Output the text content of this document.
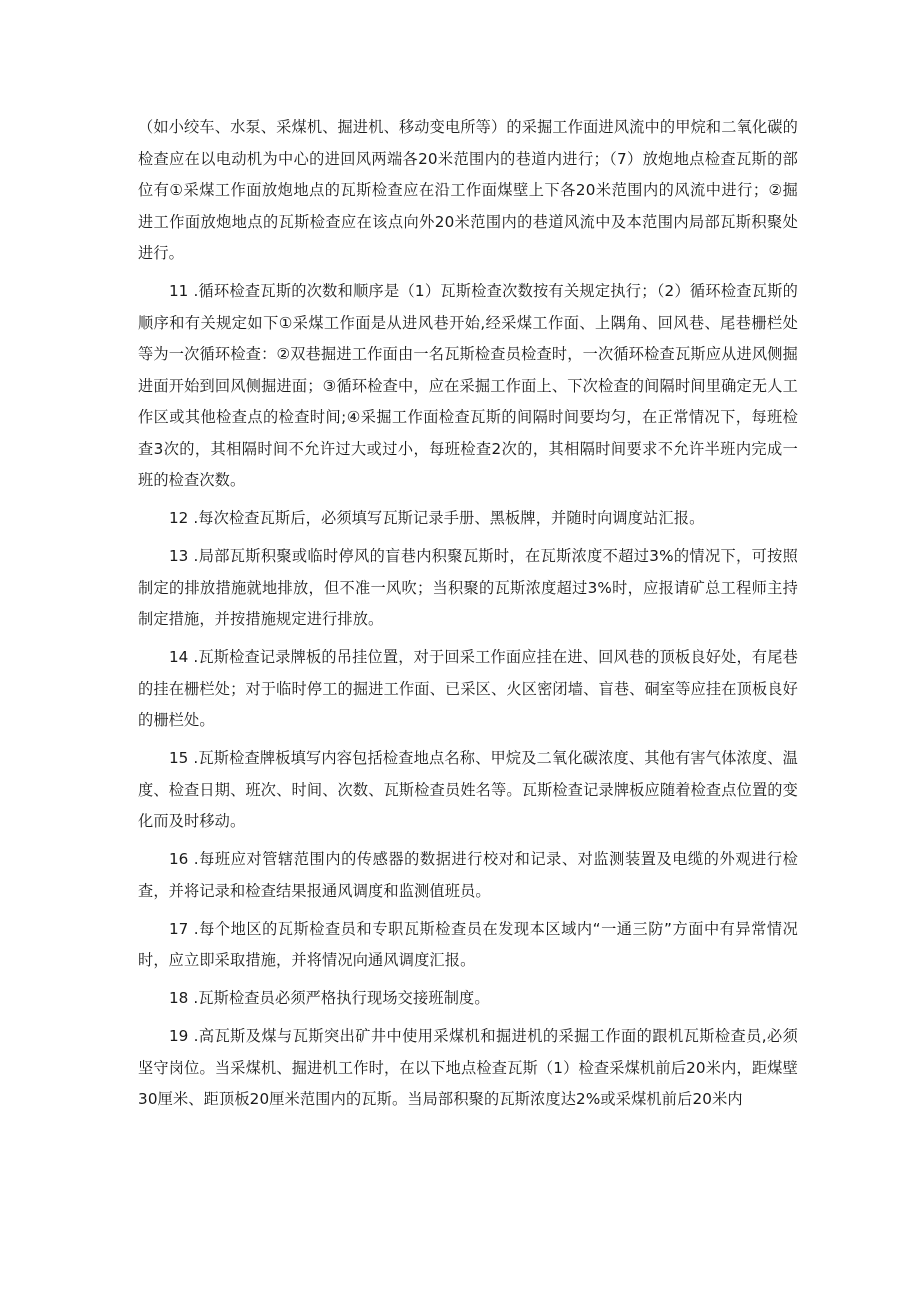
（如小绞车、水泵、采煤机、掘进机、移动变电所等）的采掘工作面进风流中的甲烷和二氧化碳的检查应在以电动机为中心的进回风两端各20米范围内的巷道内进行；（7）放炮地点检查瓦斯的部位有①采煤工作面放炮地点的瓦斯检查应在沿工作面煤壁上下各20米范围内的风流中进行；②掘进工作面放炮地点的瓦斯检查应在该点向外20米范围内的巷道风流中及本范围内局部瓦斯积聚处进行。

11 .循环检查瓦斯的次数和顺序是（1）瓦斯检查次数按有关规定执行；（2）循环检查瓦斯的顺序和有关规定如下①采煤工作面是从进风巷开始,经采煤工作面、上隅角、回风巷、尾巷栅栏处等为一次循环检查：②双巷掘进工作面由一名瓦斯检查员检查时，一次循环检查瓦斯应从进风侧掘进面开始到回风侧掘进面；③循环检查中，应在采掘工作面上、下次检查的间隔时间里确定无人工作区或其他检查点的检查时间;④采掘工作面检查瓦斯的间隔时间要均匀，在正常情况下，每班检查3次的，其相隔时间不允许过大或过小，每班检查2次的，其相隔时间要求不允许半班内完成一班的检查次数。

12 .每次检查瓦斯后，必须填写瓦斯记录手册、黑板牌，并随时向调度站汇报。

13 .局部瓦斯积聚或临时停风的盲巷内积聚瓦斯时，在瓦斯浓度不超过3%的情况下，可按照制定的排放措施就地排放，但不准一风吹；当积聚的瓦斯浓度超过3%时，应报请矿总工程师主持制定措施，并按措施规定进行排放。

14 .瓦斯检查记录牌板的吊挂位置，对于回采工作面应挂在进、回风巷的顶板良好处，有尾巷的挂在栅栏处；对于临时停工的掘进工作面、已采区、火区密闭墙、盲巷、硐室等应挂在顶板良好的栅栏处。

15 .瓦斯检查牌板填写内容包括检查地点名称、甲烷及二氧化碳浓度、其他有害气体浓度、温度、检查日期、班次、时间、次数、瓦斯检查员姓名等。瓦斯检查记录牌板应随着检查点位置的变化而及时移动。

16 .每班应对管辖范围内的传感器的数据进行校对和记录、对监测装置及电缆的外观进行检查，并将记录和检查结果报通风调度和监测值班员。

17 .每个地区的瓦斯检查员和专职瓦斯检查员在发现本区域内“一通三防”方面中有异常情况时，应立即采取措施，并将情况向通风调度汇报。

18 .瓦斯检查员必须严格执行现场交接班制度。

19 .高瓦斯及煤与瓦斯突出矿井中使用采煤机和掘进机的采掘工作面的跟机瓦斯检查员,必须坚守岗位。当采煤机、掘进机工作时，在以下地点检查瓦斯（1）检查采煤机前后20米内，距煤壁30厘米、距顶板20厘米范围内的瓦斯。当局部积聚的瓦斯浓度达2%或采煤机前后20米内
